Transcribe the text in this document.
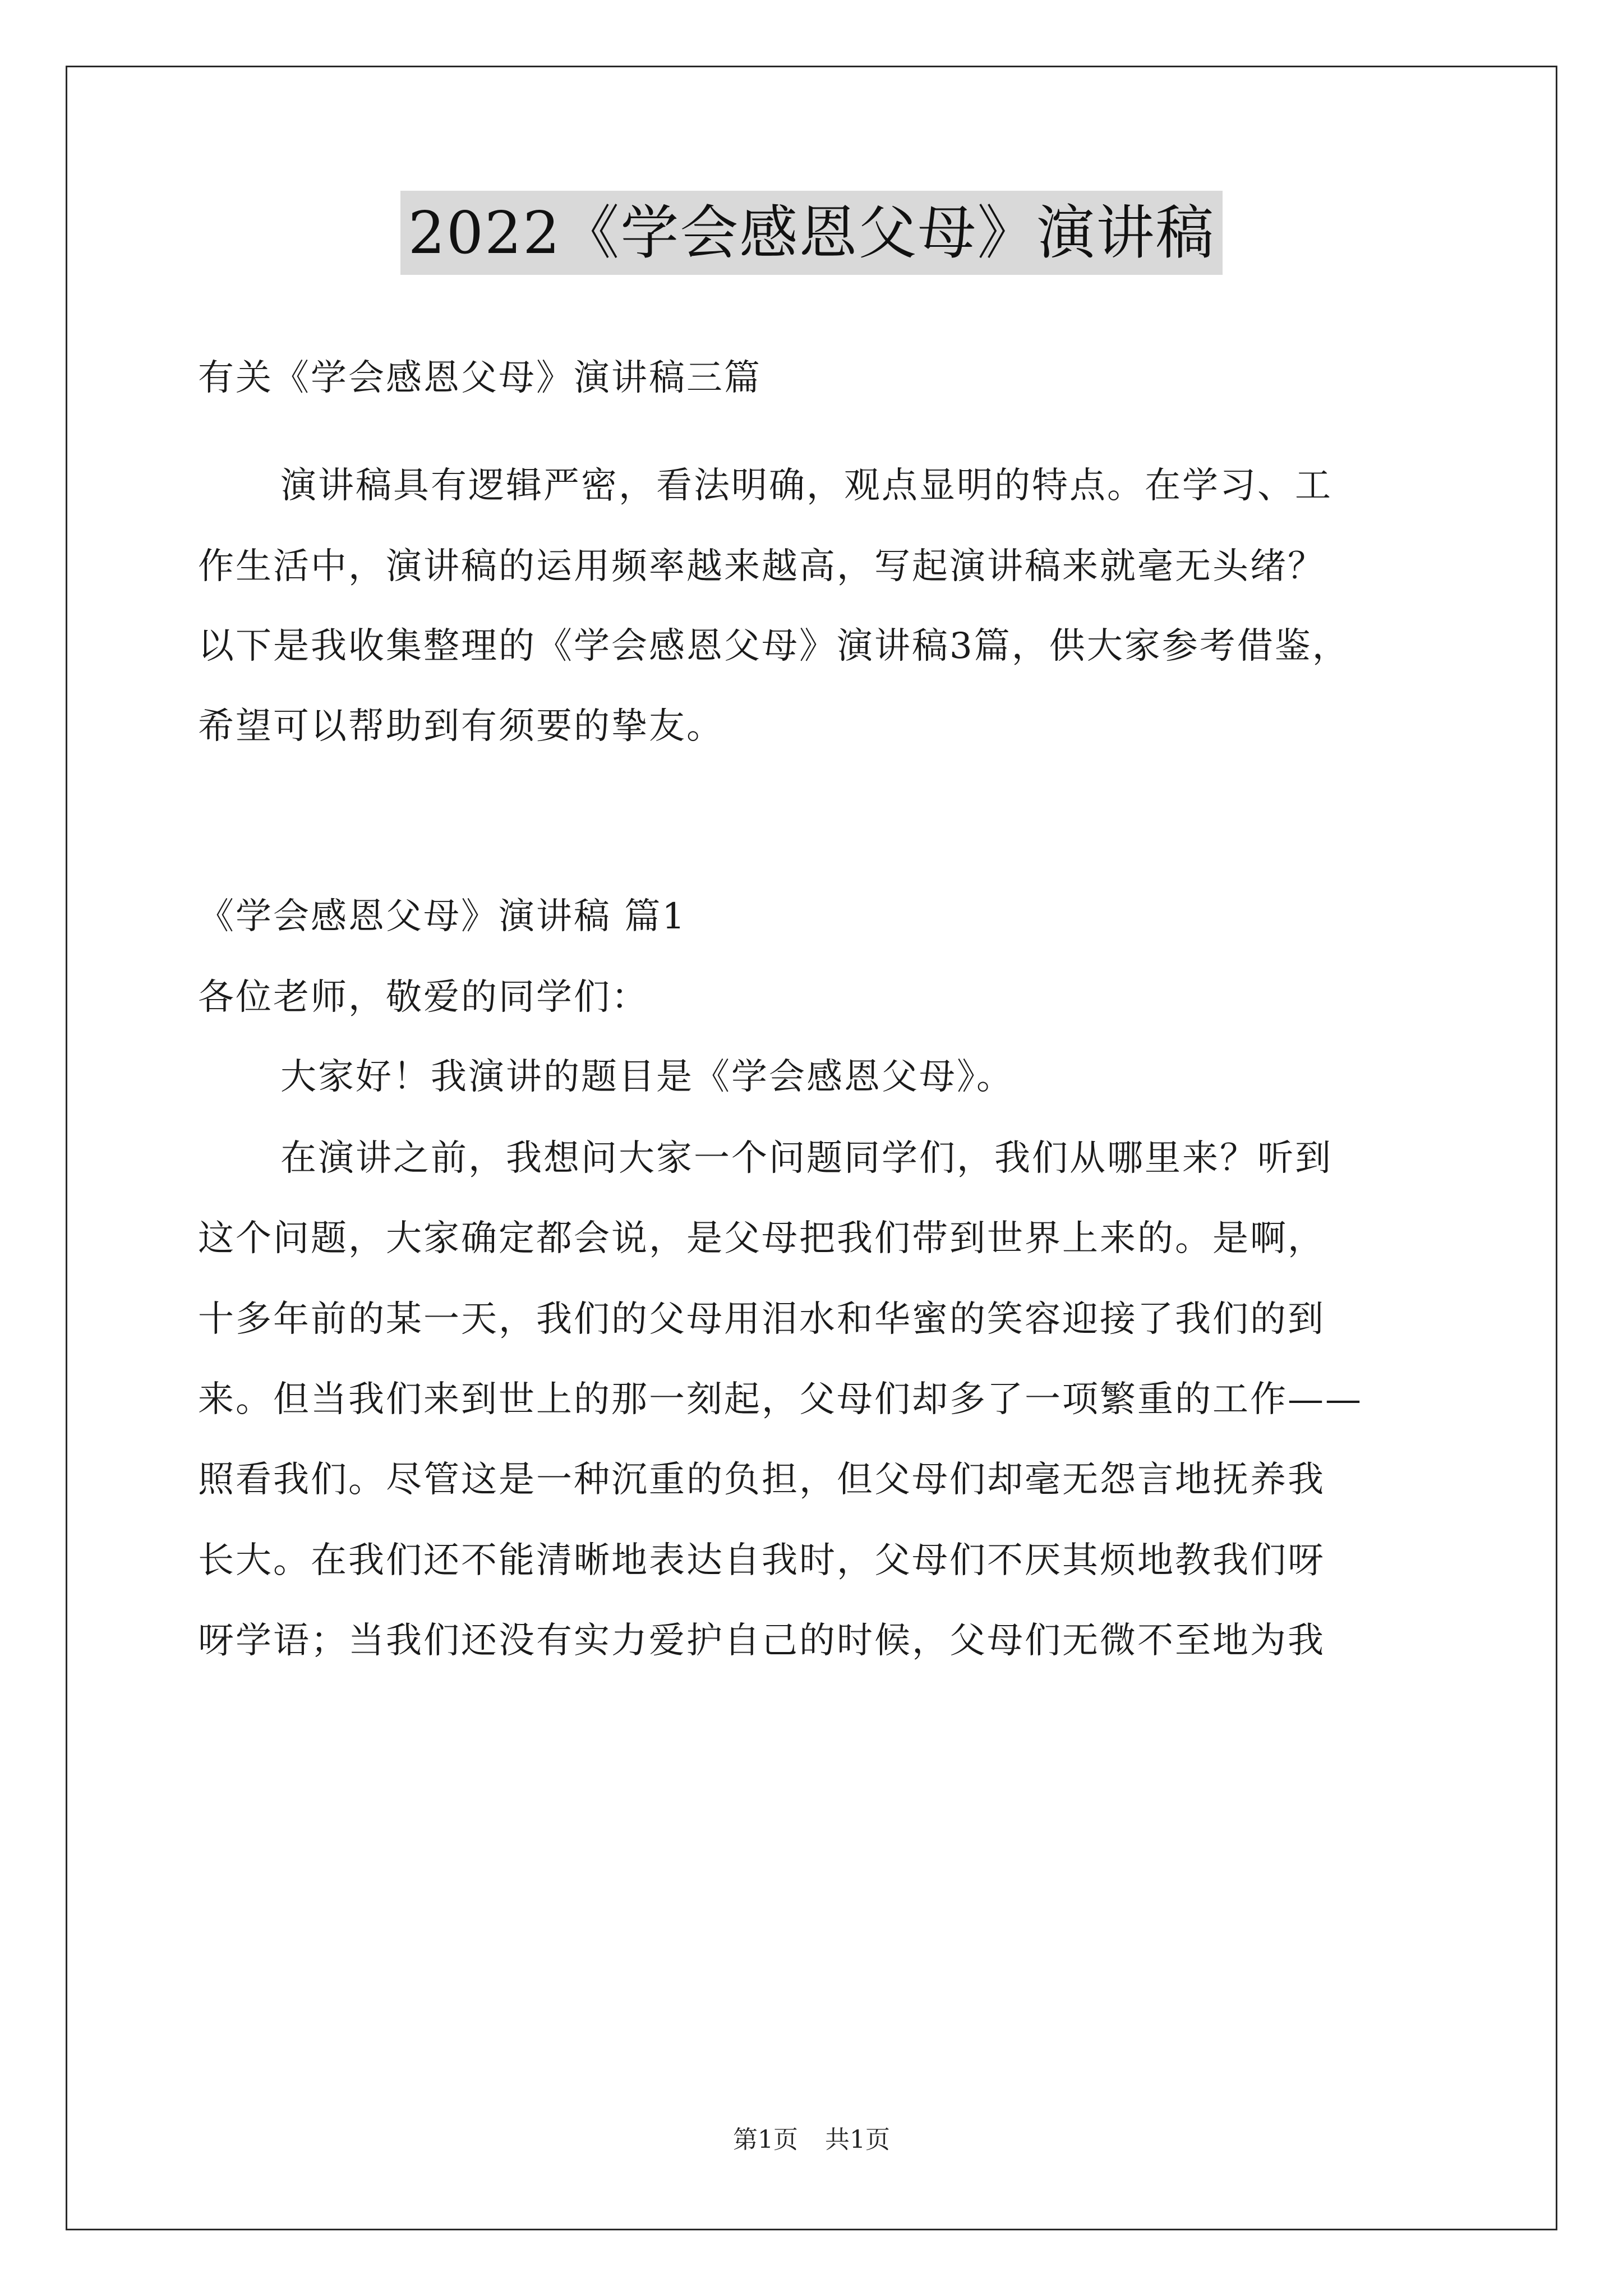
2022《学会感恩父母》演讲稿
有关《学会感恩父母》演讲稿三篇
演讲稿具有逻辑严密，看法明确，观点显明的特点。在学习、工
作生活中，演讲稿的运用频率越来越高，写起演讲稿来就毫无头绪？
以下是我收集整理的《学会感恩父母》演讲稿3篇，供大家参考借鉴，
希望可以帮助到有须要的挚友。
《学会感恩父母》演讲稿 篇1
各位老师，敬爱的同学们：
大家好！我演讲的题目是《学会感恩父母》。
在演讲之前，我想问大家一个问题同学们，我们从哪里来？听到
这个问题，大家确定都会说，是父母把我们带到世界上来的。是啊，
十多年前的某一天，我们的父母用泪水和华蜜的笑容迎接了我们的到
来。但当我们来到世上的那一刻起，父母们却多了一项繁重的工作——
照看我们。尽管这是一种沉重的负担，但父母们却毫无怨言地抚养我
长大。在我们还不能清晰地表达自我时，父母们不厌其烦地教我们呀
呀学语；当我们还没有实力爱护自己的时候，父母们无微不至地为我
第1页 共1页
